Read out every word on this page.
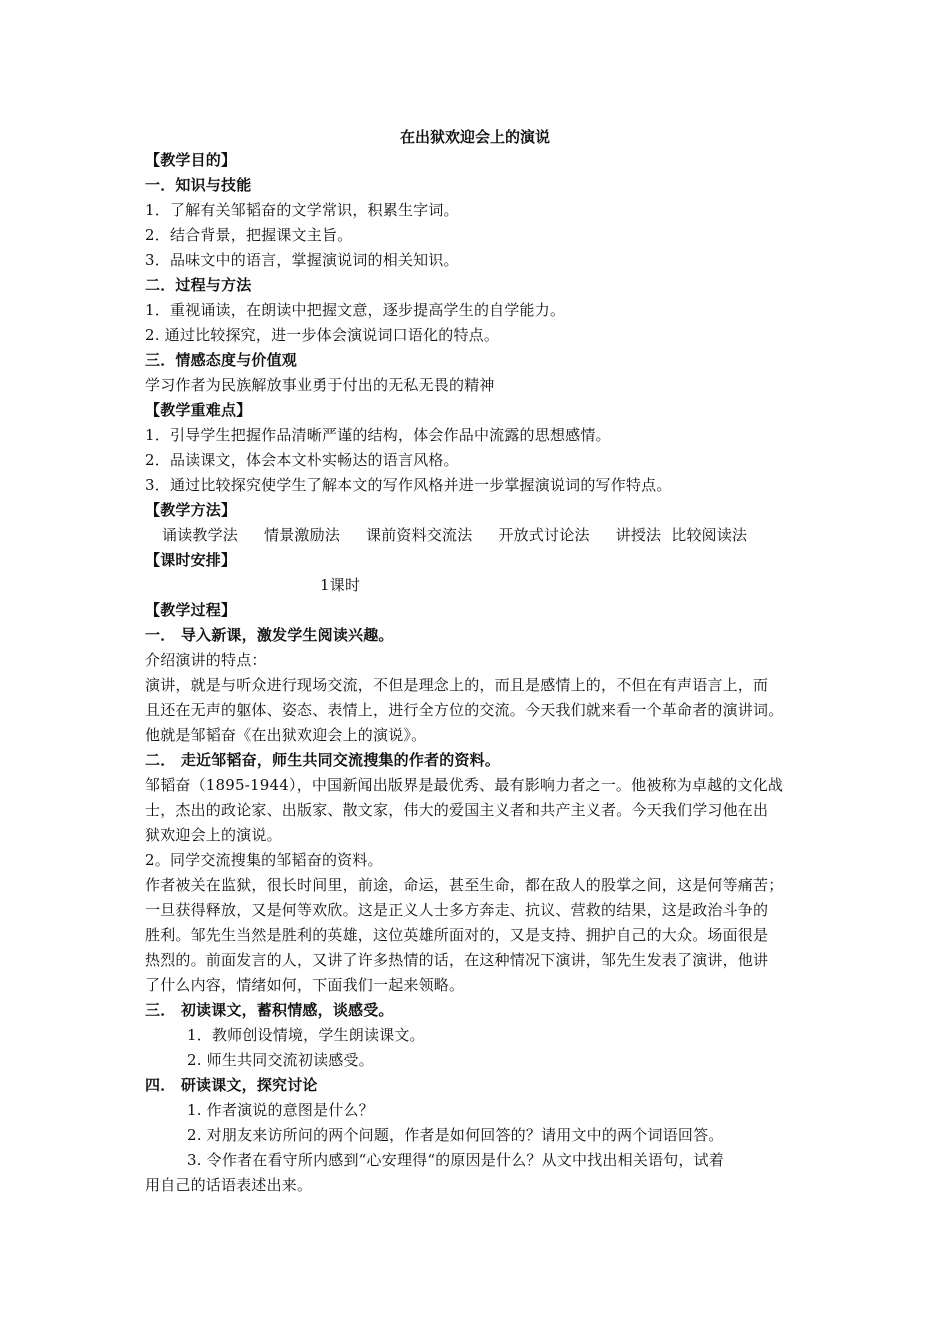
在出狱欢迎会上的演说
【教学目的】
一．知识与技能
1．了解有关邹韬奋的文学常识，积累生字词。
2．结合背景，把握课文主旨。
3．品味文中的语言，掌握演说词的相关知识。
二．过程与方法
1．重视诵读，在朗读中把握文意，逐步提高学生的自学能力。
2. 通过比较探究，进一步体会演说词口语化的特点。
三．情感态度与价值观
学习作者为民族解放事业勇于付出的无私无畏的精神
【教学重难点】
1．引导学生把握作品清晰严谨的结构，体会作品中流露的思想感情。
2．品读课文，体会本文朴实畅达的语言风格。
3．通过比较探究使学生了解本文的写作风格并进一步掌握演说词的写作特点。
【教学方法】
诵读教学法 情景激励法 课前资料交流法 开放式讨论法 讲授法 比较阅读法
【课时安排】
1课时
【教学过程】
一． 导入新课，激发学生阅读兴趣。
介绍演讲的特点：
演讲，就是与听众进行现场交流，不但是理念上的，而且是感情上的，不但在有声语言上，而
且还在无声的躯体、姿态、表情上，进行全方位的交流。今天我们就来看一个革命者的演讲词。
他就是邹韬奋《在出狱欢迎会上的演说》。
二． 走近邹韬奋，师生共同交流搜集的作者的资料。
邹韬奋（1895-1944），中国新闻出版界是最优秀、最有影响力者之一。他被称为卓越的文化战
士，杰出的政论家、出版家、散文家，伟大的爱国主义者和共产主义者。今天我们学习他在出
狱欢迎会上的演说。
2。同学交流搜集的邹韬奋的资料。
作者被关在监狱，很长时间里，前途，命运，甚至生命，都在敌人的股掌之间，这是何等痛苦；
一旦获得释放，又是何等欢欣。这是正义人士多方奔走、抗议、营救的结果，这是政治斗争的
胜利。邹先生当然是胜利的英雄，这位英雄所面对的，又是支持、拥护自己的大众。场面很是
热烈的。前面发言的人，又讲了许多热情的话，在这种情况下演讲，邹先生发表了演讲，他讲
了什么内容，情绪如何，下面我们一起来领略。
三． 初读课文，蓄积情感，谈感受。
1．教师创设情境，学生朗读课文。
2. 师生共同交流初读感受。
四． 研读课文，探究讨论
1. 作者演说的意图是什么？
2. 对朋友来访所问的两个问题，作者是如何回答的？请用文中的两个词语回答。
3. 令作者在看守所内感到“心安理得“的原因是什么？从文中找出相关语句，试着
用自己的话语表述出来。
